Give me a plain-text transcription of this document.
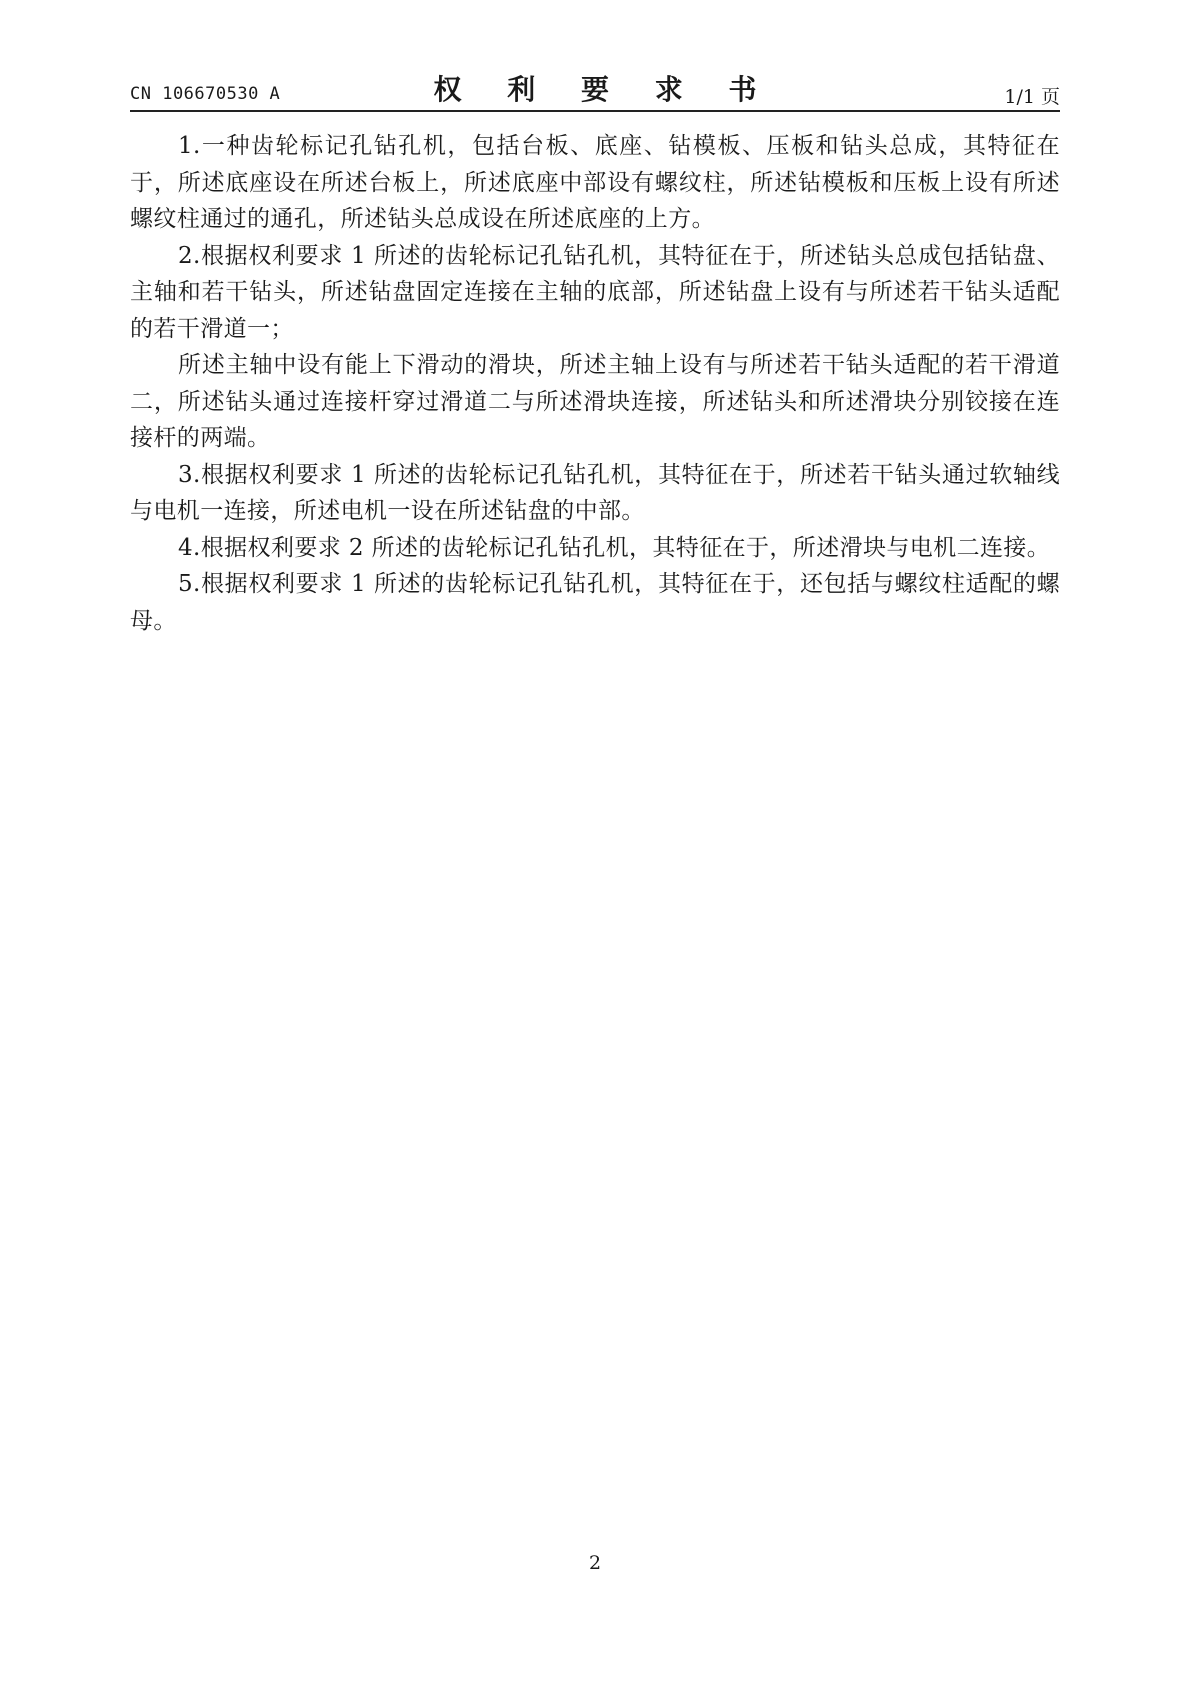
CN 106670530 A	权 利 要 求 书	1/1 页

1.一种齿轮标记孔钻孔机，包括台板、底座、钻模板、压板和钻头总成，其特征在于，所述底座设在所述台板上，所述底座中部设有螺纹柱，所述钻模板和压板上设有所述螺纹柱通过的通孔，所述钻头总成设在所述底座的上方。

2.根据权利要求 1 所述的齿轮标记孔钻孔机，其特征在于，所述钻头总成包括钻盘、主轴和若干钻头，所述钻盘固定连接在主轴的底部，所述钻盘上设有与所述若干钻头适配的若干滑道一；

所述主轴中设有能上下滑动的滑块，所述主轴上设有与所述若干钻头适配的若干滑道二，所述钻头通过连接杆穿过滑道二与所述滑块连接，所述钻头和所述滑块分别铰接在连接杆的两端。

3.根据权利要求 1 所述的齿轮标记孔钻孔机，其特征在于，所述若干钻头通过软轴线与电机一连接，所述电机一设在所述钻盘的中部。

4.根据权利要求 2 所述的齿轮标记孔钻孔机，其特征在于，所述滑块与电机二连接。

5.根据权利要求 1 所述的齿轮标记孔钻孔机，其特征在于，还包括与螺纹柱适配的螺母。

2
